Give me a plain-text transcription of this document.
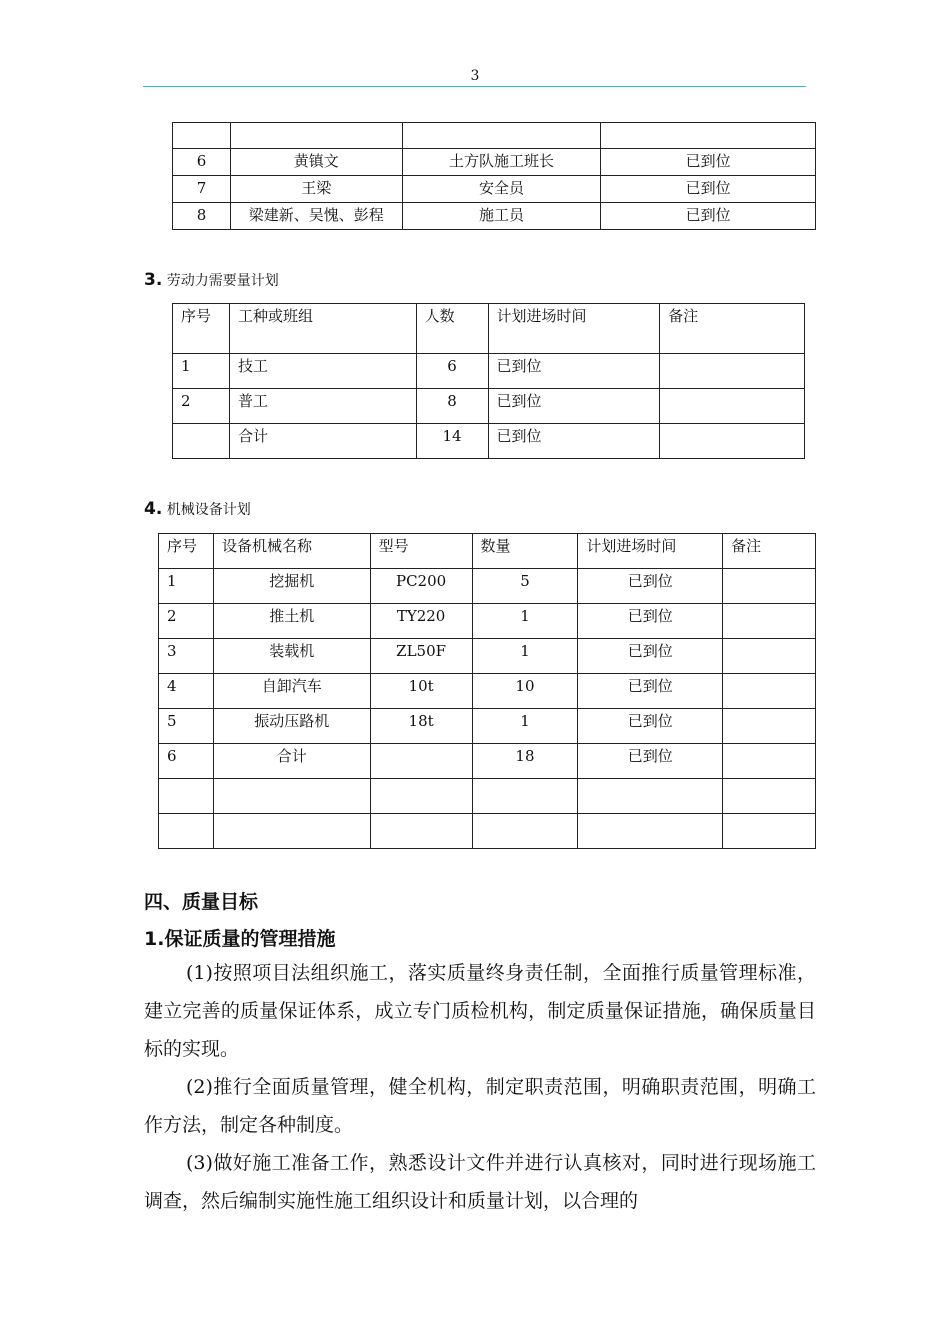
3

6	黄镇文	土方队施工班长	已到位
7	王梁	安全员	已到位
8	梁建新、吴愧、彭程	施工员	已到位
3. 劳动力需要量计划
序号	工种或班组	人数	计划进场时间	备注
1	技工	6	已到位	
2	普工	8	已到位	
	合计	14	已到位	
4. 机械设备计划
序号	设备机械名称	型号	数量	计划进场时间	备注
1	挖掘机	PC200	5	已到位	
2	推土机	TY220	1	已到位	
3	装载机	ZL50F	1	已到位	
4	自卸汽车	10t	10	已到位	
5	振动压路机	18t	1	已到位	
6	合计		18	已到位	

四、质量目标
1.保证质量的管理措施

(1)按照项目法组织施工，落实质量终身责任制，全面推行质量管理标准，建立完善的质量保证体系，成立专门质检机构，制定质量保证措施，确保质量目标的实现。

(2)推行全面质量管理，健全机构，制定职责范围，明确职责范围，明确工作方法，制定各种制度。

(3)做好施工准备工作，熟悉设计文件并进行认真核对，同时进行现场施工调查，然后编制实施性施工组织设计和质量计划，以合理的
